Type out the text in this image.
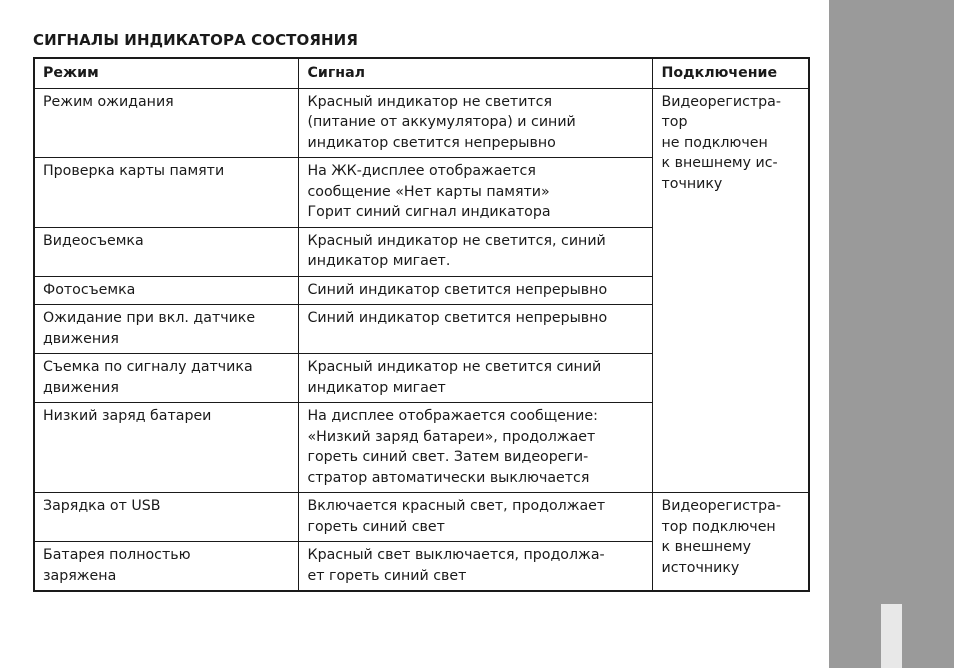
СИГНАЛЫ ИНДИКАТОРА СОСТОЯНИЯ
Режим	Сигнал	Подключение

Режим ожидания	Красный индикатор не светится
(питание от аккумулятора) и синий
индикатор светится непрерывно	Видеорегистра-
тор
не подключен
к внешнему ис-
точнику

Проверка карты памяти	На ЖК-дисплее отображается
сообщение «Нет карты памяти»
Горит синий сигнал индикатора	

Видеосъемка	Красный индикатор не светится, синий
индикатор мигает.	

Фотосъемка	Синий индикатор светится непрерывно	

Ожидание при вкл. датчике
движения	Синий индикатор светится непрерывно	

Съемка по сигналу датчика
движения	Красный индикатор не светится синий
индикатор мигает	

Низкий заряд батареи	На дисплее отображается сообщение:
«Низкий заряд батареи», продолжает
гореть синий свет. Затем видеореги-
стратор автоматически выключается	

Зарядка от USB	Включается красный свет, продолжает
гореть синий свет	Видеорегистра-
тор подключен
к внешнему
источнику

Батарея полностью
заряжена	Красный свет выключается, продолжа-
ет гореть синий свет	
